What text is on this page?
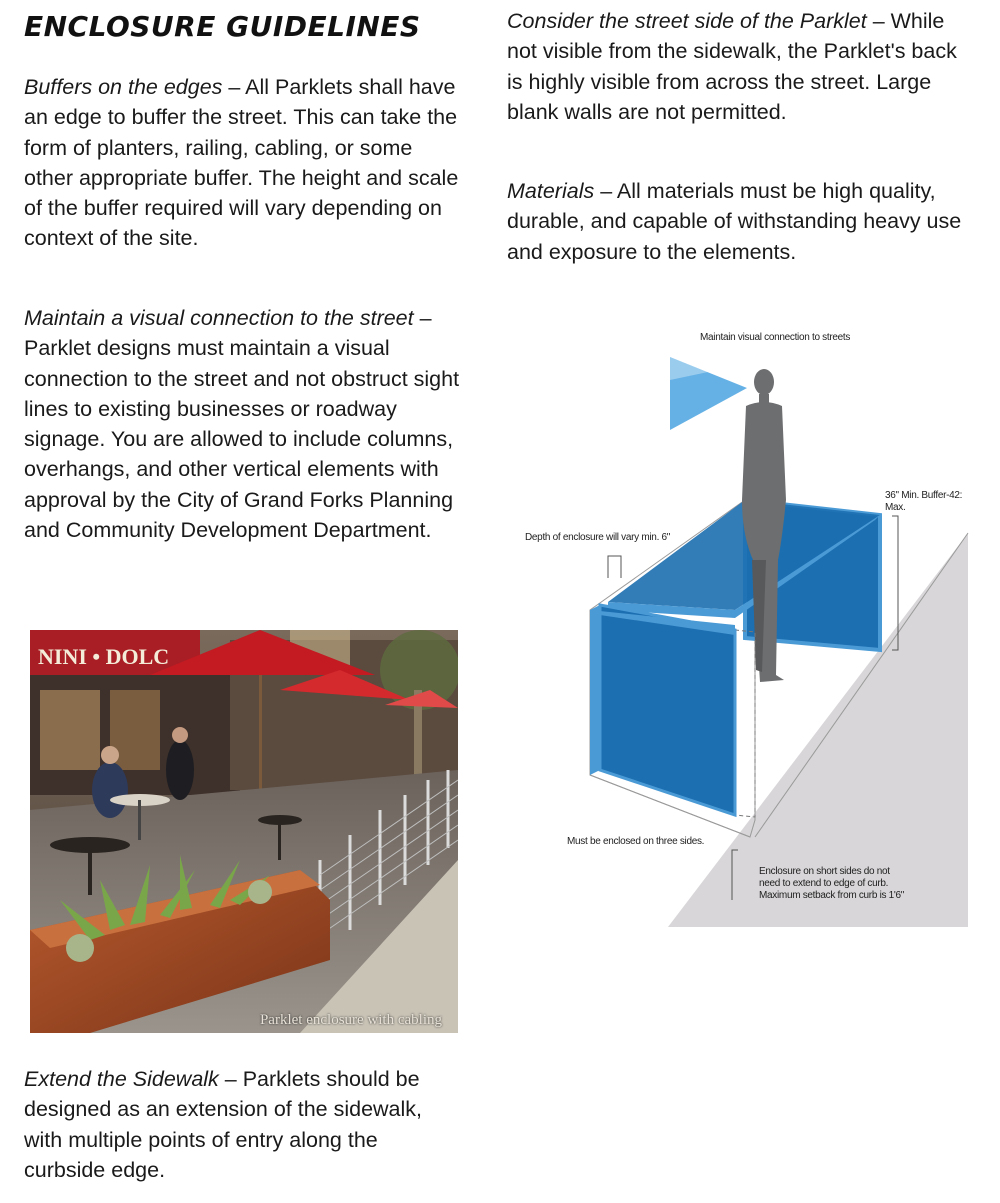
ENCLOSURE GUIDELINES

Buffers on the edges – All Parklets shall have an edge to buffer the street. This can take the form of planters, railing, cabling, or some other appropriate buffer. The height and scale of the buffer required will vary depending on context of the site.

Maintain a visual connection to the street – Parklet designs must maintain a visual connection to the street and not obstruct sight lines to existing businesses or roadway signage. You are allowed to include columns, overhangs, and other vertical elements with approval by the City of Grand Forks Planning and Community Development Department.

Consider the street side of the Parklet – While not visible from the sidewalk, the Parklet's back is highly visible from across the street. Large blank walls are not permitted.

Materials – All materials must be high quality, durable, and capable of withstanding heavy use and exposure to the elements.

NINI • DOLC
Parklet enclosure with cabling
Maintain visual connection to streets
36" Min. Buffer-42: Max.
Depth of enclosure will vary min. 6"
Must be enclosed on three sides.
Enclosure on short sides do not need to extend to edge of curb. Maximum setback from curb is 1'6"

Extend the Sidewalk – Parklets should be designed as an extension of the sidewalk, with multiple points of entry along the curbside edge.
